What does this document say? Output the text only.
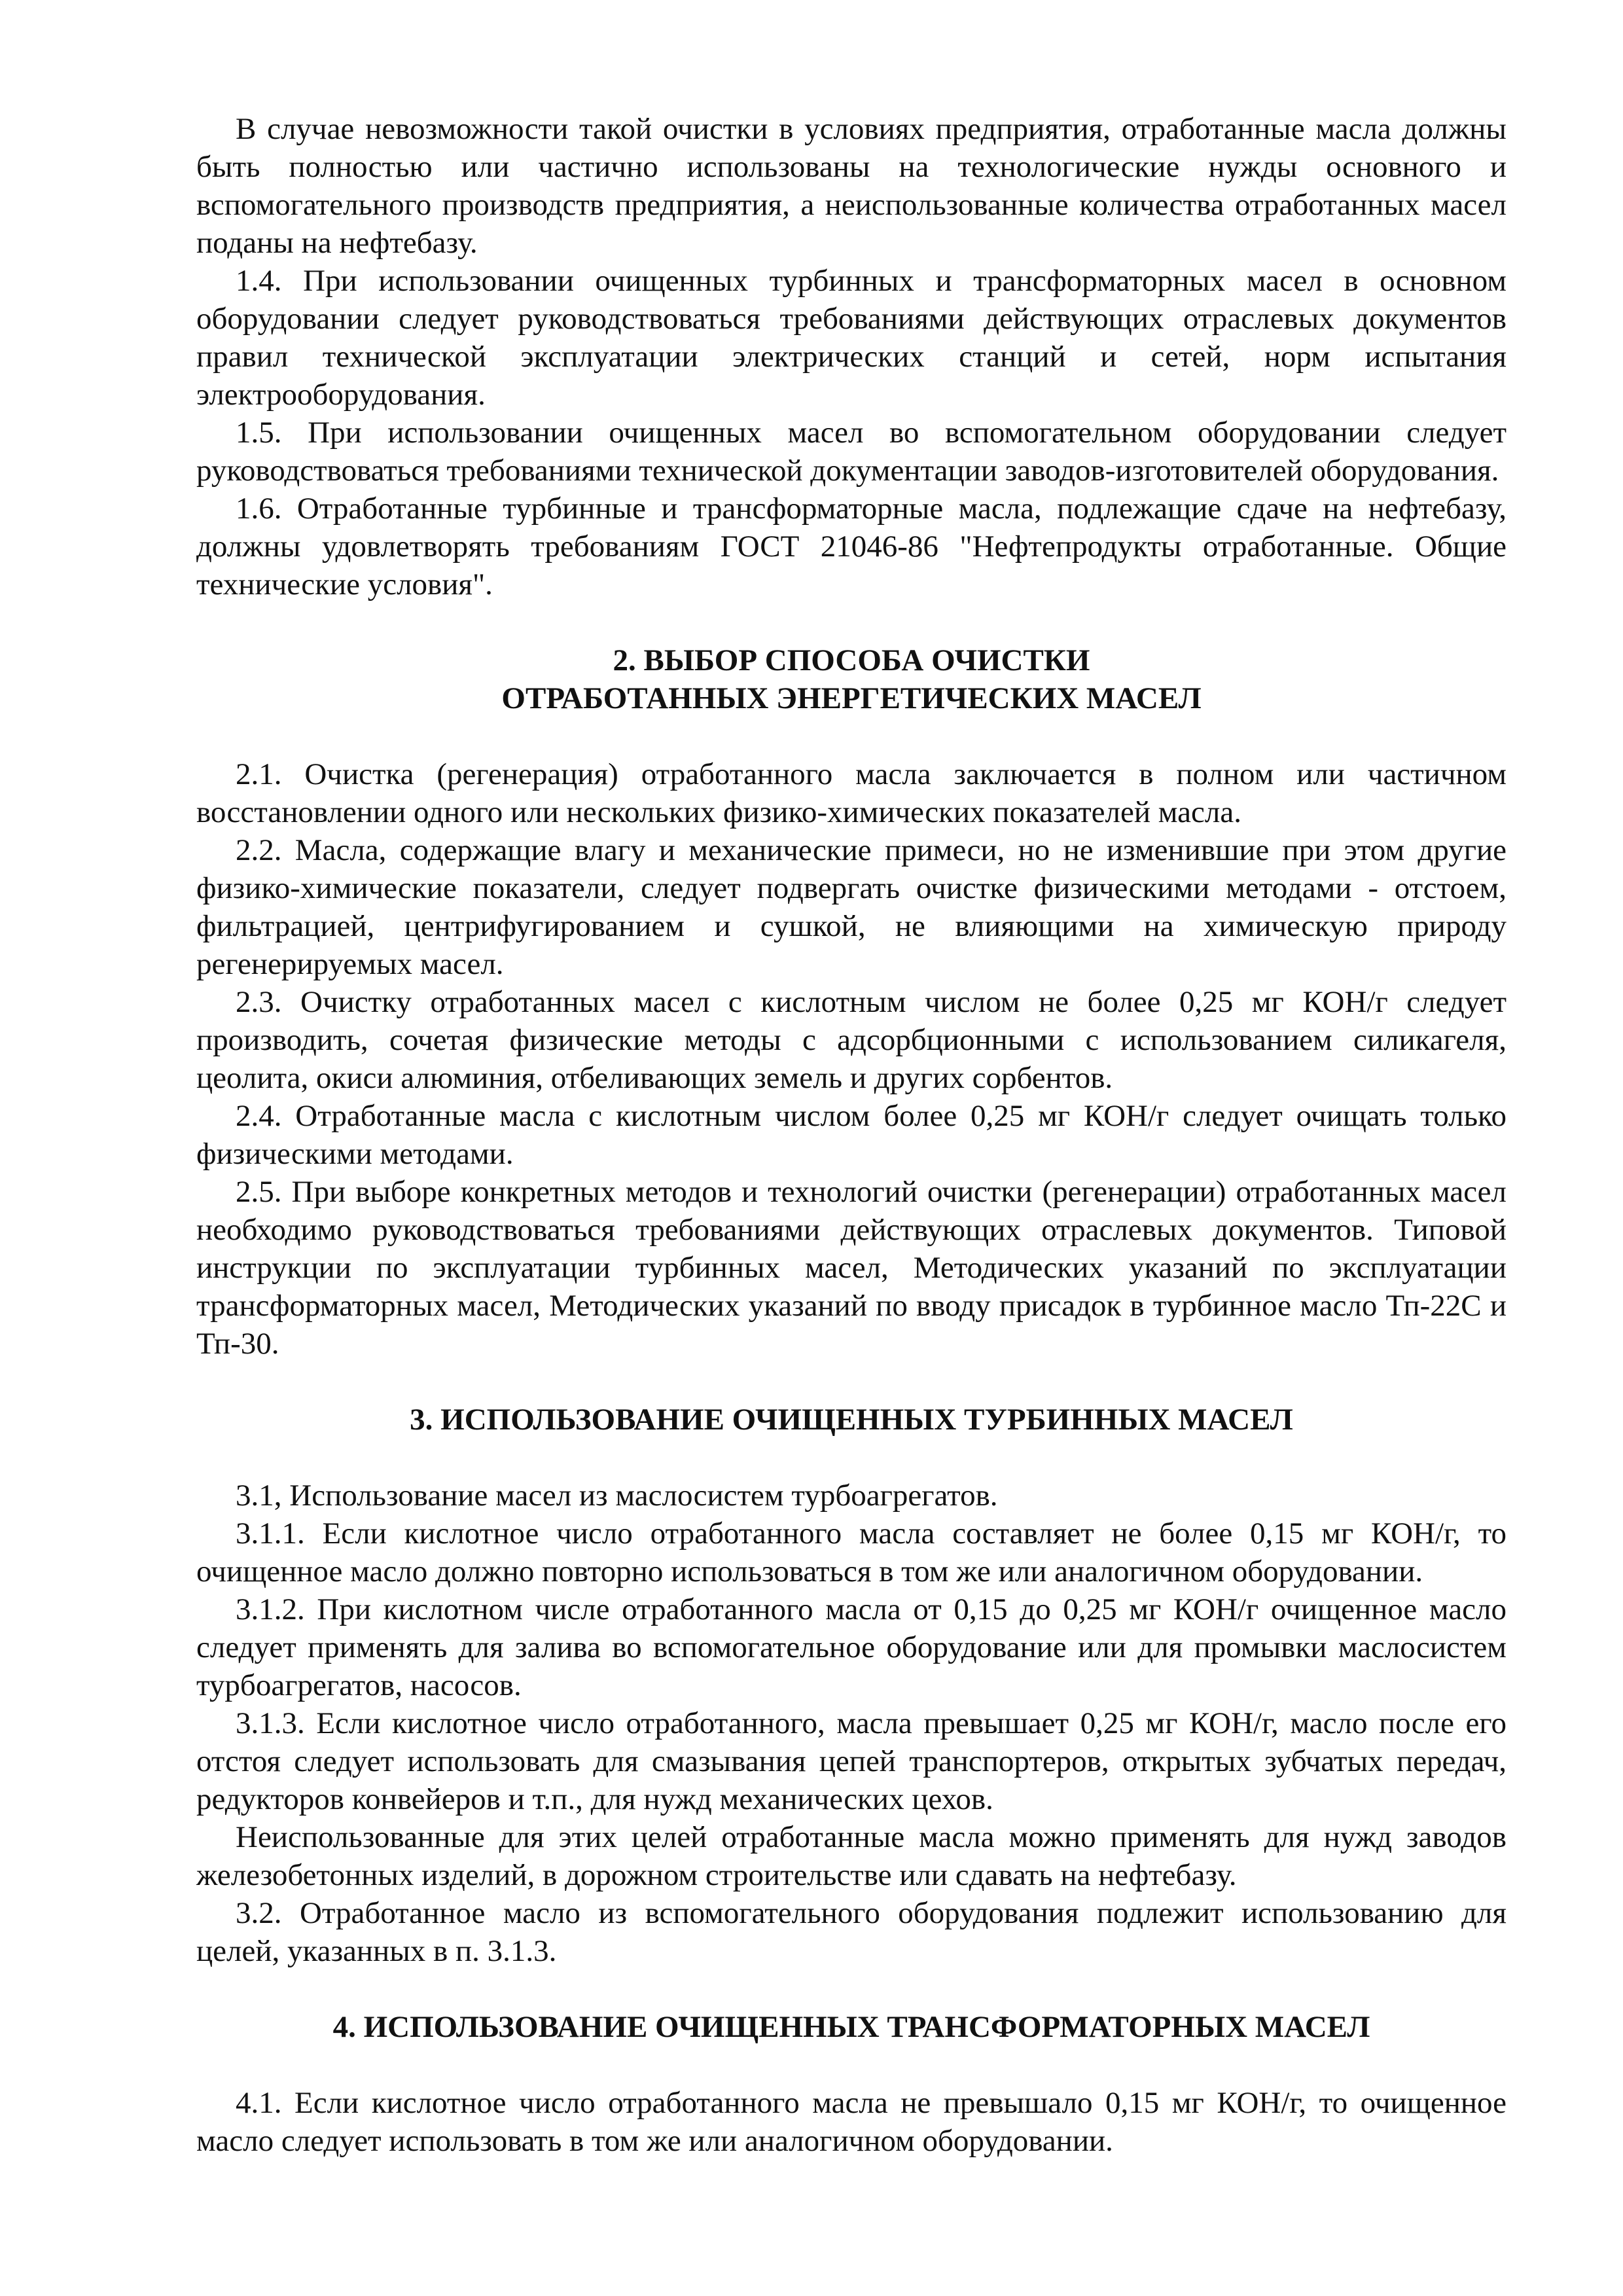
В случае невозможности такой очистки в условиях предприятия, отработанные масла должны быть полностью или частично использованы на технологические нужды основного и вспомогательного производств предприятия, а неиспользованные количества отработанных масел поданы на нефтебазу.

1.4. При использовании очищенных турбинных и трансформаторных масел в основном оборудовании следует руководствоваться требованиями действующих отраслевых документов правил технической эксплуатации электрических станций и сетей, норм испытания электрооборудования.

1.5. При использовании очищенных масел во вспомогательном оборудовании следует руководствоваться требованиями технической документации заводов-изготовителей оборудования.

1.6. Отработанные турбинные и трансформаторные масла, подлежащие сдаче на нефтебазу, должны удовлетворять требованиям ГОСТ 21046-86 "Нефтепродукты отработанные. Общие технические условия".

2. ВЫБОР СПОСОБА ОЧИСТКИ
ОТРАБОТАННЫХ ЭНЕРГЕТИЧЕСКИХ МАСЕЛ

2.1. Очистка (регенерация) отработанного масла заключается в полном или частичном восстановлении одного или нескольких физико-химических показателей масла.

2.2. Масла, содержащие влагу и механические примеси, но не изменившие при этом другие физико-химические показатели, следует подвергать очистке физическими методами - отстоем, фильтрацией, центрифугированием и сушкой, не влияющими на химическую природу регенерируемых масел.

2.3. Очистку отработанных масел с кислотным числом не более 0,25 мг КОН/г следует производить, сочетая физические методы с адсорбционными с использованием силикагеля, цеолита, окиси алюминия, отбеливающих земель и других сорбентов.

2.4. Отработанные масла с кислотным числом более 0,25 мг КОН/г следует очищать только физическими методами.

2.5. При выборе конкретных методов и технологий очистки (регенерации) отработанных масел необходимо руководствоваться требованиями действующих отраслевых документов. Типовой инструкции по эксплуатации турбинных масел, Методических указаний по эксплуатации трансформаторных масел, Методических указаний по вводу присадок в турбинное масло Тп-22С и Тп-30.

3. ИСПОЛЬЗОВАНИЕ ОЧИЩЕННЫХ ТУРБИННЫХ МАСЕЛ

3.1, Использование масел из маслосистем турбоагрегатов.

3.1.1. Если кислотное число отработанного масла составляет не более 0,15 мг КОН/г, то очищенное масло должно повторно использоваться в том же или аналогичном оборудовании.

3.1.2. При кислотном числе отработанного масла от 0,15 до 0,25 мг КОН/г очищенное масло следует применять для залива во вспомогательное оборудование или для промывки маслосистем турбоагрегатов, насосов.

3.1.3. Если кислотное число отработанного, масла превышает 0,25 мг КОН/г, масло после его отстоя следует использовать для смазывания цепей транспортеров, открытых зубчатых передач, редукторов конвейеров и т.п., для нужд механических цехов.

Неиспользованные для этих целей отработанные масла можно применять для нужд заводов железобетонных изделий, в дорожном строительстве или сдавать на нефтебазу.

3.2. Отработанное масло из вспомогательного оборудования подлежит использованию для целей, указанных в п. 3.1.3.

4. ИСПОЛЬЗОВАНИЕ ОЧИЩЕННЫХ ТРАНСФОРМАТОРНЫХ МАСЕЛ

4.1. Если кислотное число отработанного масла не превышало 0,15 мг КОН/г, то очищенное масло следует использовать в том же или аналогичном оборудовании.
